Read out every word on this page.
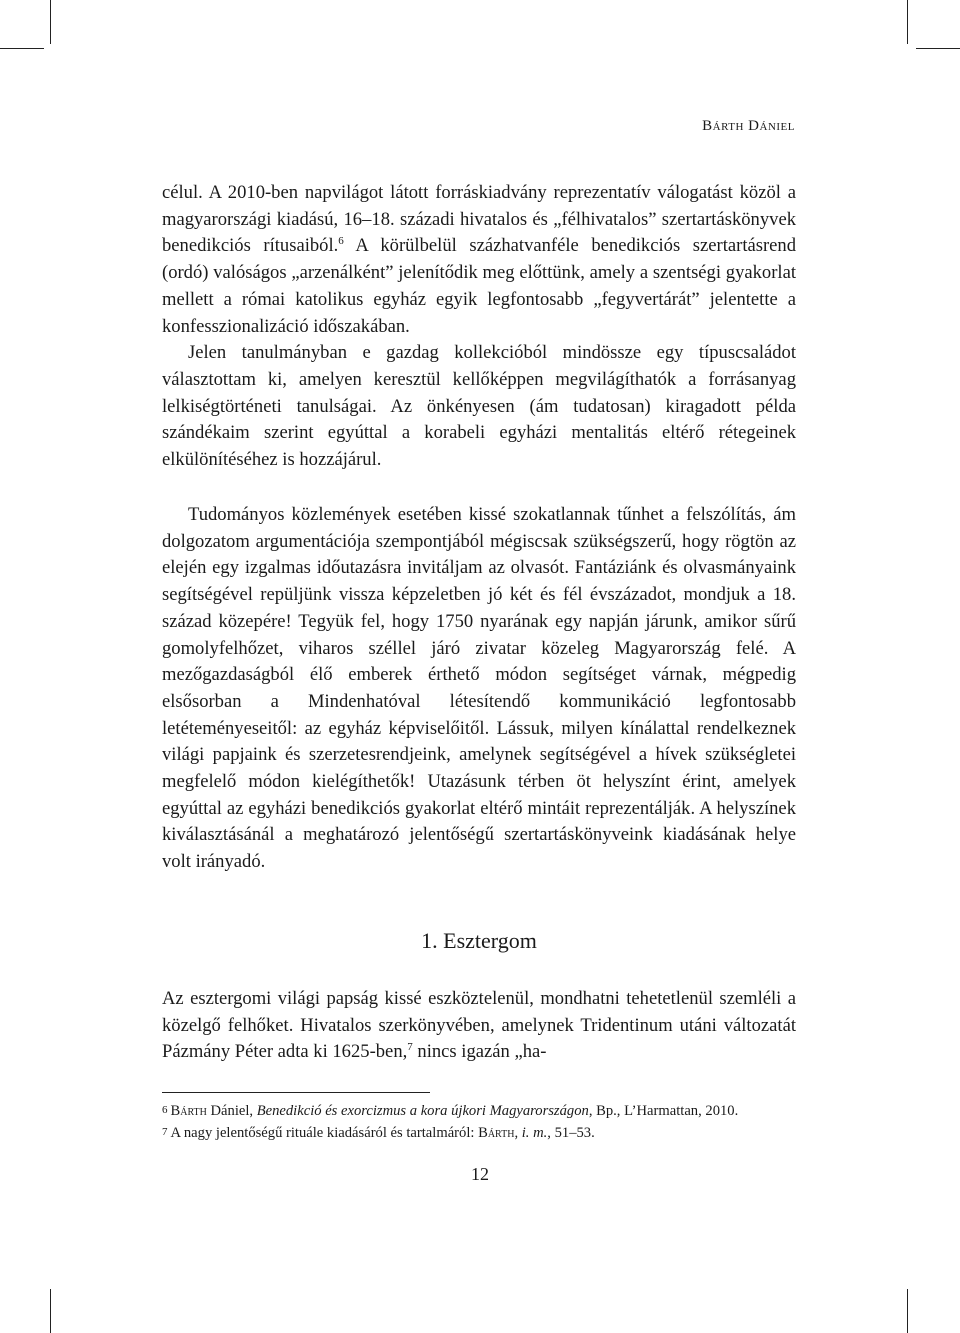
Bárth Dániel

célul. A 2010-ben napvilágot látott forráskiadvány reprezentatív válogatást közöl a magyarországi kiadású, 16–18. századi hivatalos és „félhivatalos” szertartáskönyvek benedikciós rítusaiból.$^6$ A körülbelül százhatvanféle benedikciós szertartásrend (ordó) valóságos „arzenálként” jelenítődik meg előttünk, amely a szentségi gyakorlat mellett a római katolikus egyház egyik legfontosabb „fegyvertárát” jelentette a konfesszionalizáció időszakában.

Jelen tanulmányban e gazdag kollekcióból mindössze egy típuscsaládot választottam ki, amelyen keresztül kellőképpen megvilágíthatók a forrásanyag lelkiségtörténeti tanulságai. Az önkényesen (ám tudatosan) kiragadott példa szándékaim szerint egyúttal a korabeli egyházi mentalitás eltérő rétegeinek elkülönítéséhez is hozzájárul.

Tudományos közlemények esetében kissé szokatlannak tűnhet a felszólítás, ám dolgozatom argumentációja szempontjából mégiscsak szükségszerű, hogy rögtön az elején egy izgalmas időutazásra invitáljam az olvasót. Fantáziánk és olvasmányaink segítségével repüljünk vissza képzeletben jó két és fél évszázadot, mondjuk a 18. század közepére! Tegyük fel, hogy 1750 nyarának egy napján járunk, amikor sűrű gomolyfelhőzet, viharos széllel járó zivatar közeleg Magyarország felé. A mezőgazdaságból élő emberek érthető módon segítséget várnak, mégpedig elsősorban a Mindenhatóval létesítendő kommunikáció legfontosabb letéteményeseitől: az egyház képviselőitől. Lássuk, milyen kínálattal rendelkeznek világi papjaink és szerzetesrendjeink, amelynek segítségével a hívek szükségletei megfelelő módon kielégíthetők! Utazásunk térben öt helyszínt érint, amelyek egyúttal az egyházi benedikciós gyakorlat eltérő mintáit reprezentálják. A helyszínek kiválasztásánál a meghatározó jelentőségű szertartáskönyveink kiadásának helye volt irányadó.

1. Esztergom

Az esztergomi világi papság kissé eszköztelenül, mondhatni tehetetlenül szemléli a közelgő felhőket. Hivatalos szerkönyvében, amelynek Tridentinum utáni változatát Pázmány Péter adta ki 1625-ben,$^7$ nincs igazán „ha-

6 Bárth Dániel, Benedikció és exorcizmus a kora újkori Magyarországon, Bp., L’Harmattan, 2010.
7 A nagy jelentőségű rituále kiadásáról és tartalmáról: Bárth, i. m., 51–53.
12
